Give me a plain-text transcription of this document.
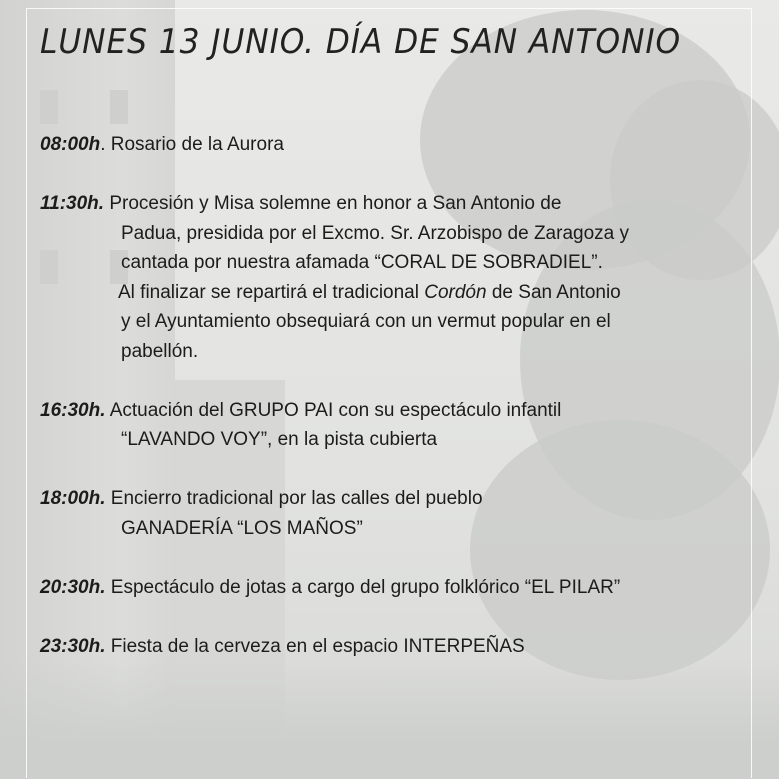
LUNES 13 JUNIO. DÍA DE SAN ANTONIO
08:00h. Rosario de la Aurora
11:30h. Procesión y Misa solemne en honor a San Antonio de
Padua, presidida por el Excmo. Sr. Arzobispo de Zaragoza y
cantada por nuestra afamada “CORAL DE SOBRADIEL”.
Al finalizar se repartirá el tradicional Cordón de San Antonio
y el Ayuntamiento obsequiará con un vermut popular en el
pabellón.
16:30h. Actuación del GRUPO PAI con su espectáculo infantil
“LAVANDO VOY”, en la pista cubierta
18:00h. Encierro tradicional por las calles del pueblo
GANADERÍA “LOS MAÑOS”
20:30h. Espectáculo de jotas a cargo del grupo folklórico “EL PILAR”
23:30h. Fiesta de la cerveza en el espacio INTERPEÑAS
